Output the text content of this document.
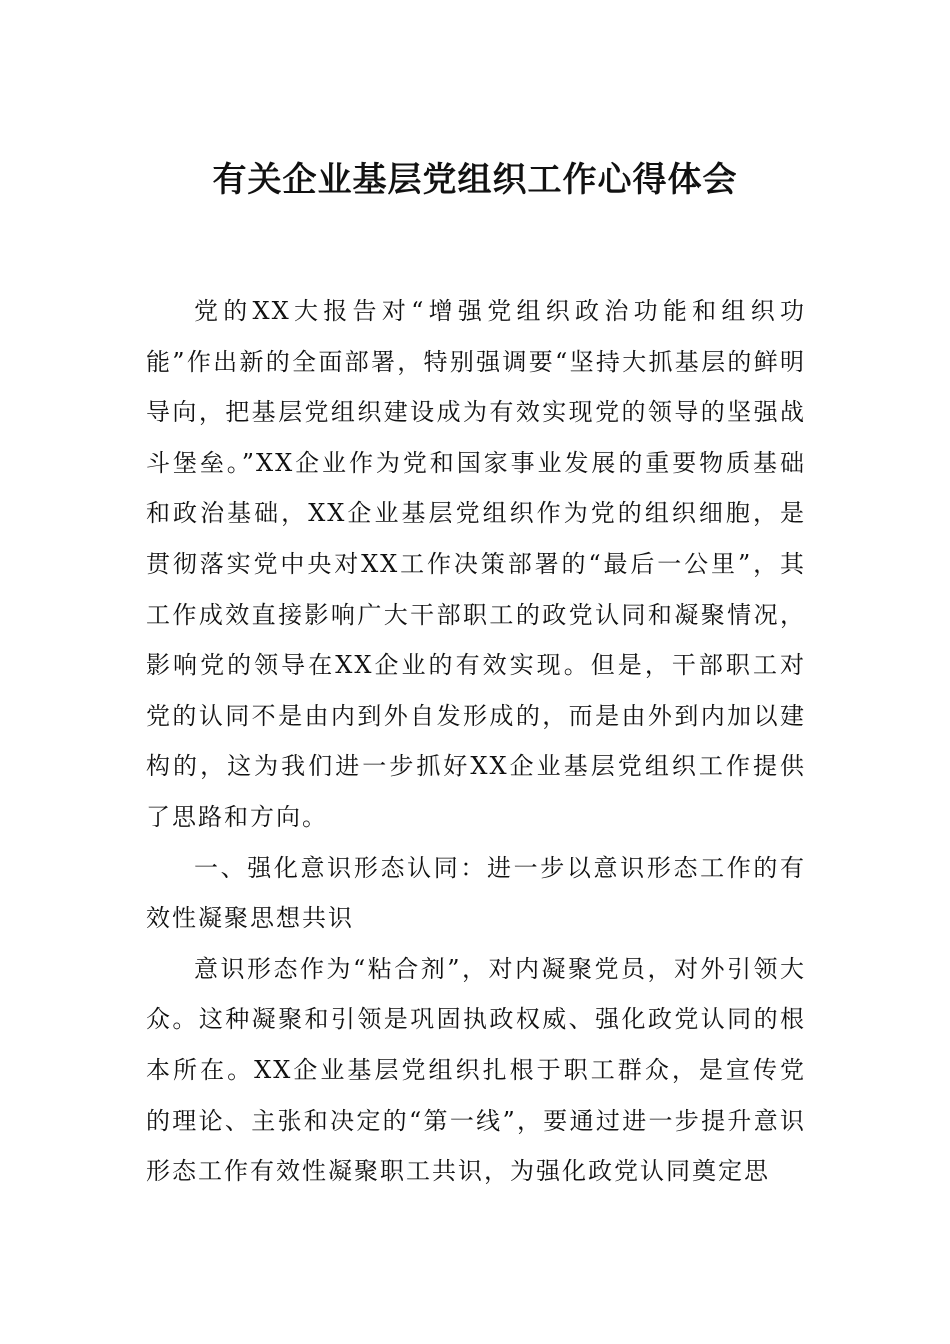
有关企业基层党组织工作心得体会

党的XX大报告对“增强党组织政治功能和组织功能”作出新的全面部署，特别强调要“坚持大抓基层的鲜明导向，把基层党组织建设成为有效实现党的领导的坚强战斗堡垒。”XX企业作为党和国家事业发展的重要物质基础和政治基础，XX企业基层党组织作为党的组织细胞，是贯彻落实党中央对XX工作决策部署的“最后一公里”，其工作成效直接影响广大干部职工的政党认同和凝聚情况，影响党的领导在XX企业的有效实现。但是，干部职工对党的认同不是由内到外自发形成的，而是由外到内加以建构的，这为我们进一步抓好XX企业基层党组织工作提供了思路和方向。

一、强化意识形态认同：进一步以意识形态工作的有效性凝聚思想共识

意识形态作为“粘合剂”，对内凝聚党员，对外引领大众。这种凝聚和引领是巩固执政权威、强化政党认同的根本所在。XX企业基层党组织扎根于职工群众，是宣传党的理论、主张和决定的“第一线”，要通过进一步提升意识形态工作有效性凝聚职工共识，为强化政党认同奠定思
